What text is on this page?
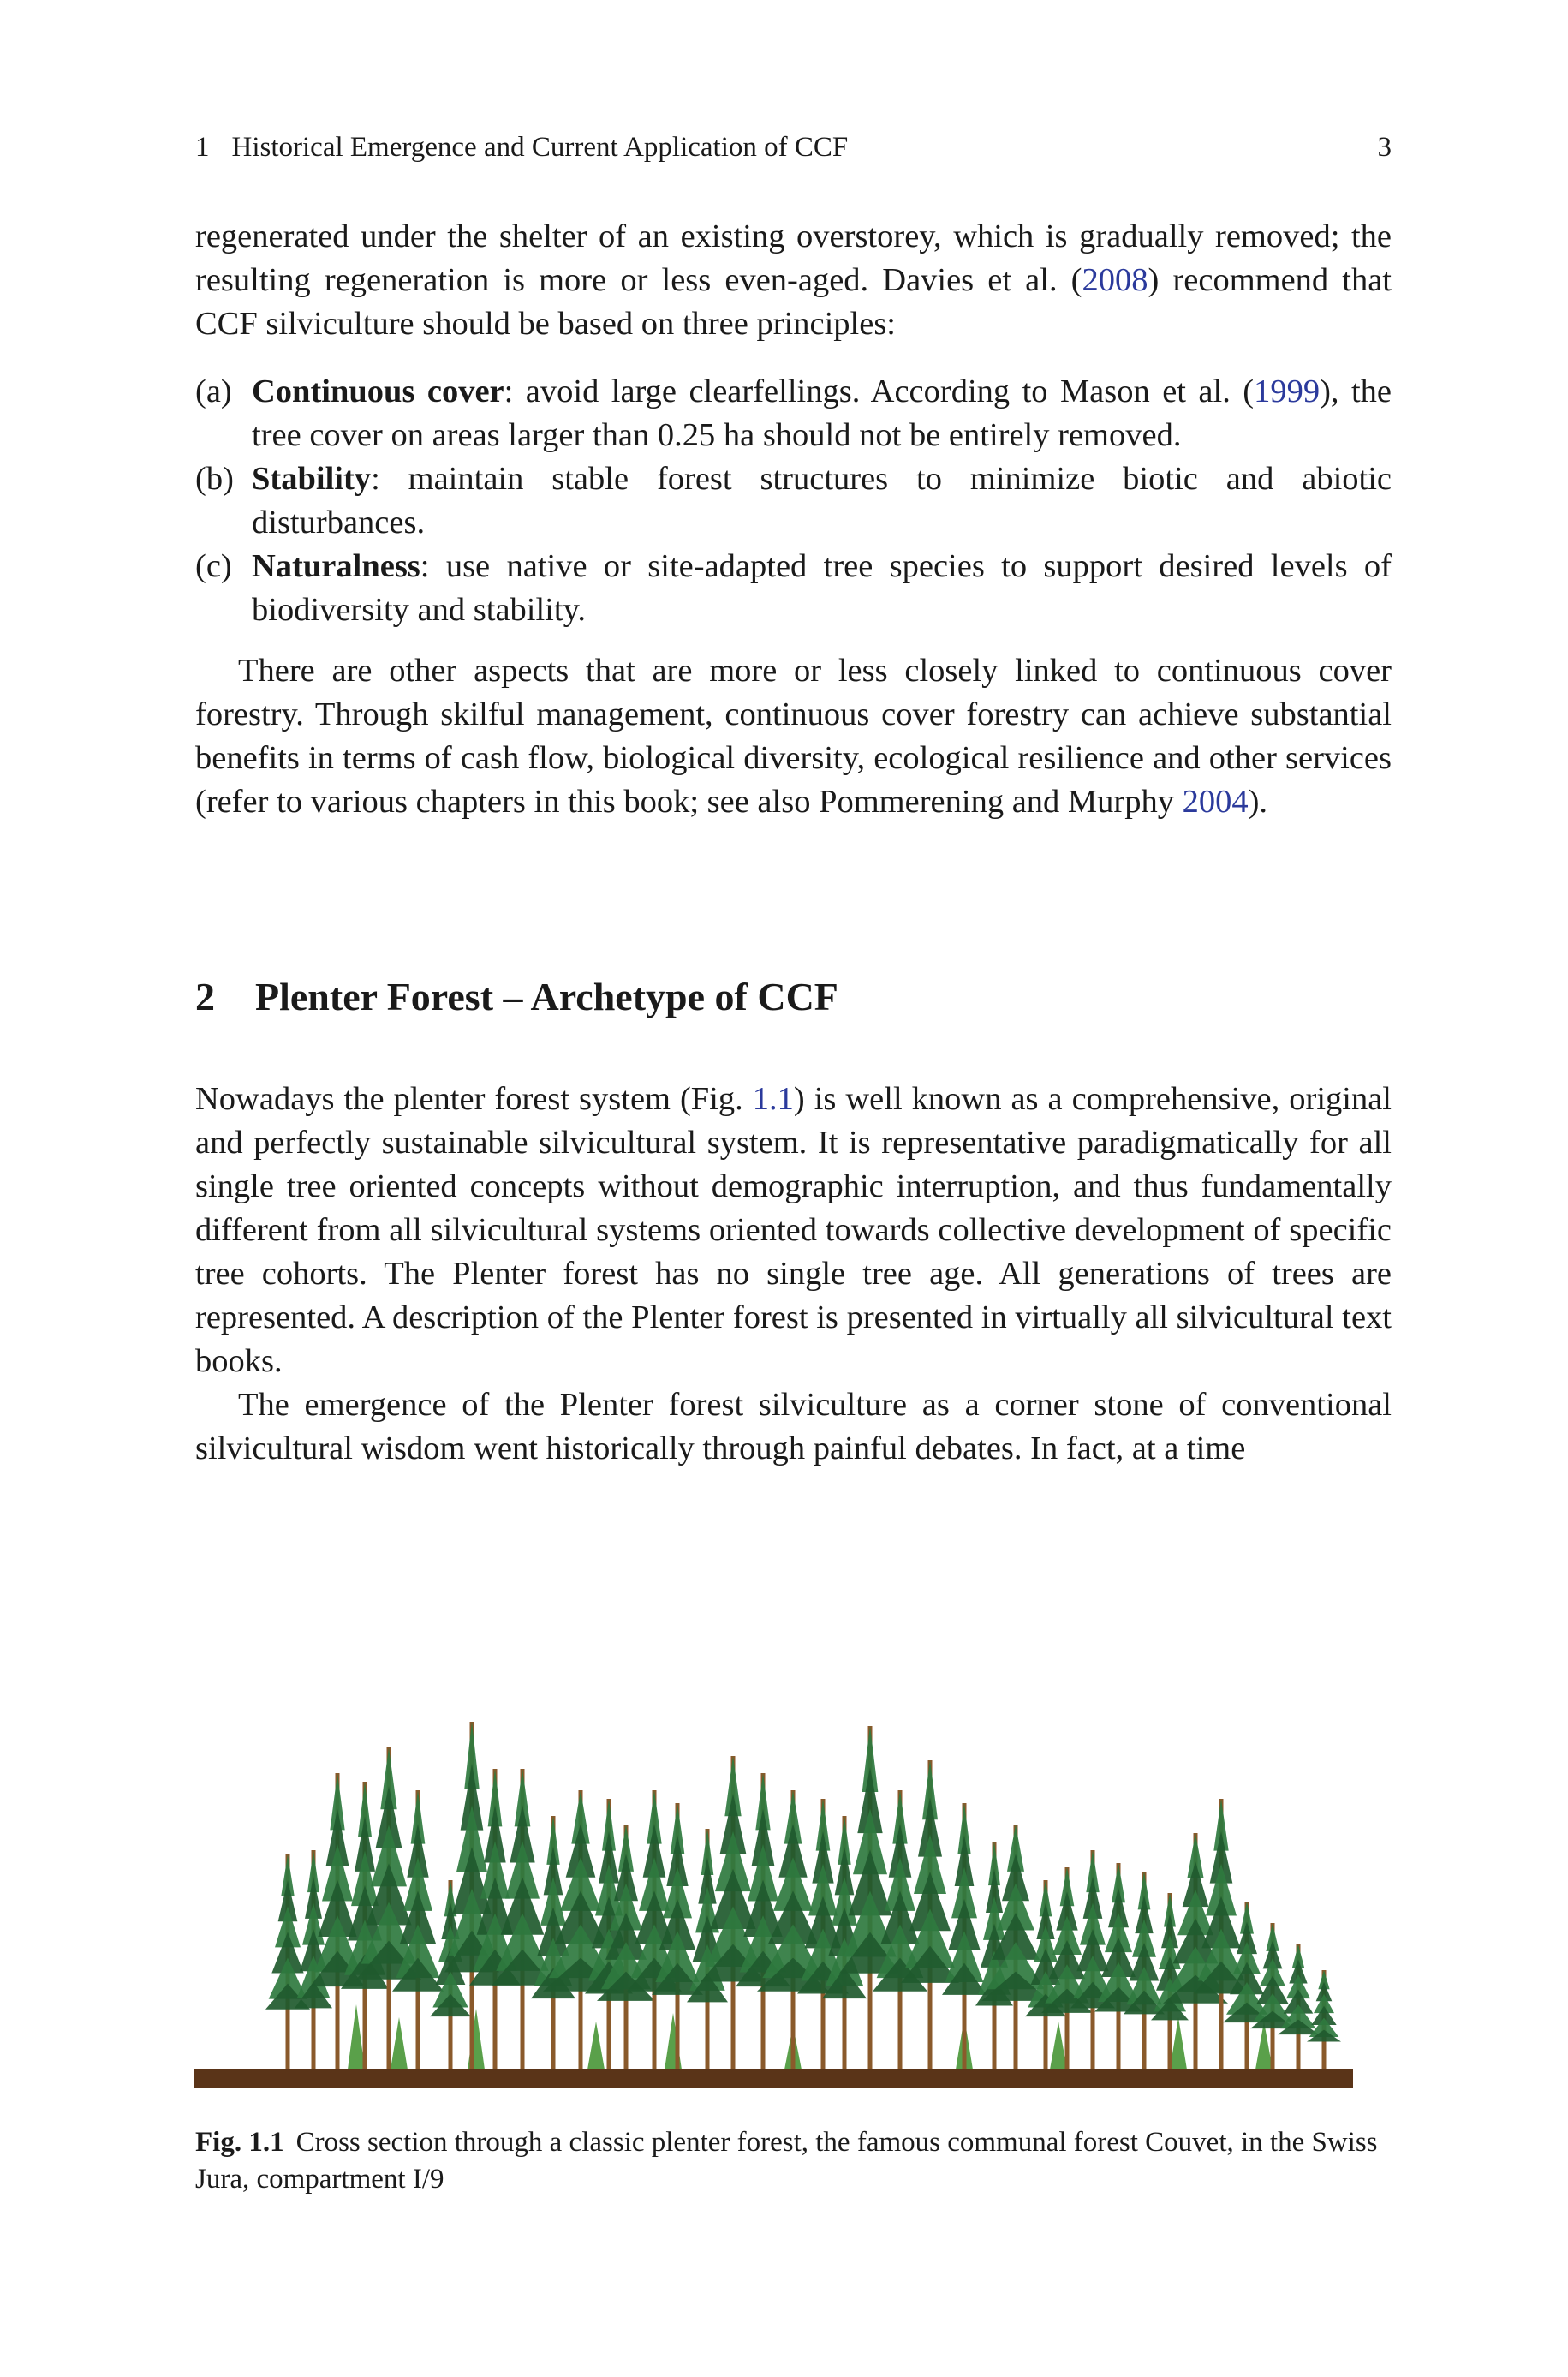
1 Historical Emergence and Current Application of CCF	3

regenerated under the shelter of an existing overstorey, which is gradually removed; the resulting regeneration is more or less even-aged. Davies et al. (2008) recommend that CCF silviculture should be based on three principles:

(a) Continuous cover: avoid large clearfellings. According to Mason et al. (1999), the tree cover on areas larger than 0.25 ha should not be entirely removed.
(b) Stability: maintain stable forest structures to minimize biotic and abiotic disturbances.
(c) Naturalness: use native or site-adapted tree species to support desired levels of biodiversity and stability.

There are other aspects that are more or less closely linked to continuous cover forestry. Through skilful management, continuous cover forestry can achieve substantial benefits in terms of cash flow, biological diversity, ecological resilience and other services (refer to various chapters in this book; see also Pommerening and Murphy 2004).

2 Plenter Forest – Archetype of CCF

Nowadays the plenter forest system (Fig. 1.1) is well known as a comprehensive, original and perfectly sustainable silvicultural system. It is representative paradigmatically for all single tree oriented concepts without demographic interruption, and thus fundamentally different from all silvicultural systems oriented towards collective development of specific tree cohorts. The Plenter forest has no single tree age. All generations of trees are represented. A description of the Plenter forest is presented in virtually all silvicultural text books.

The emergence of the Plenter forest silviculture as a corner stone of conventional silvicultural wisdom went historically through painful debates. In fact, at a time

Fig. 1.1 Cross section through a classic plenter forest, the famous communal forest Couvet, in the Swiss Jura, compartment I/9
